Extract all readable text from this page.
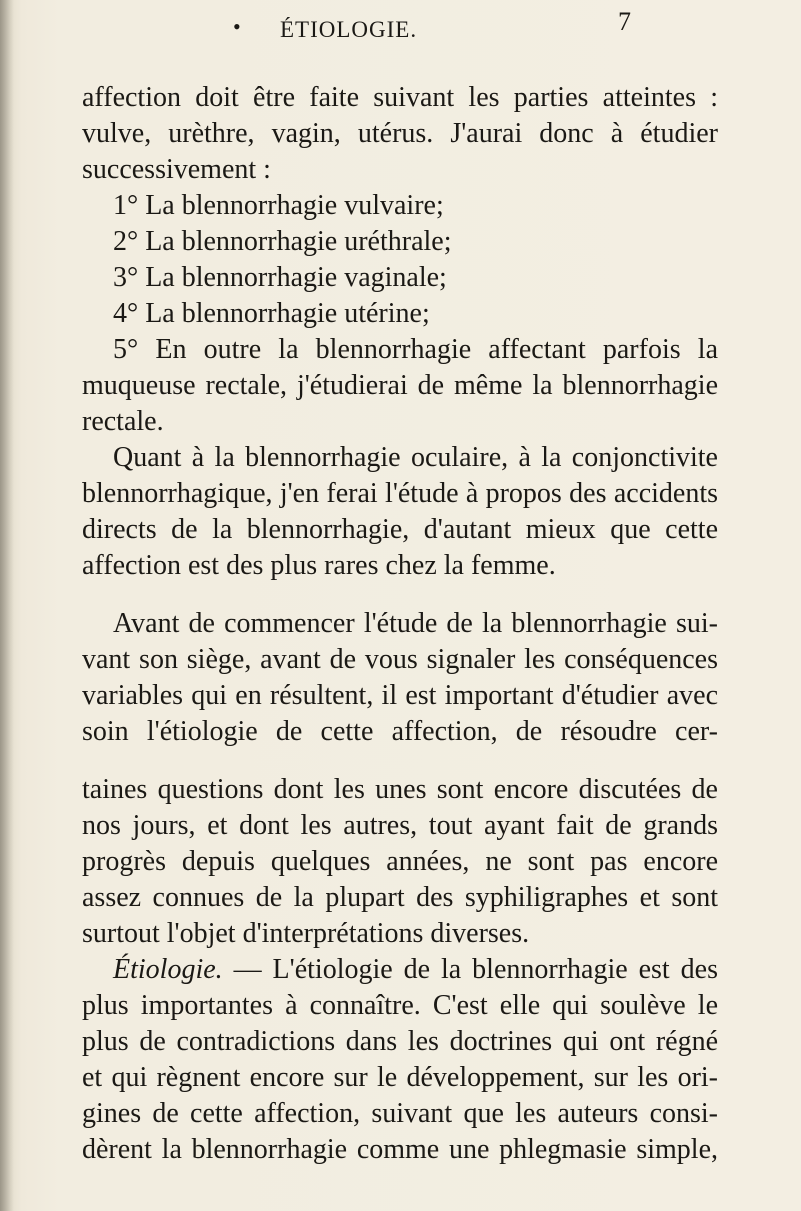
• ÉTIOLOGIE.	7
affection doit être faite suivant les parties atteintes :
vulve, urèthre, vagin, utérus. J'aurai donc à étudier
successivement :
1° La blennorrhagie vulvaire;
2° La blennorrhagie uréthrale;
3° La blennorrhagie vaginale;
4° La blennorrhagie utérine;
5° En outre la blennorrhagie affectant parfois la
muqueuse rectale, j'étudierai de même la blennorrhagie
rectale.
Quant à la blennorrhagie oculaire, à la conjonctivite
blennorrhagique, j'en ferai l'étude à propos des accidents
directs de la blennorrhagie, d'autant mieux que cette
affection est des plus rares chez la femme.
Avant de commencer l'étude de la blennorrhagie sui-
vant son siège, avant de vous signaler les conséquences
variables qui en résultent, il est important d'étudier avec
soin l'étiologie de cette affection, de résoudre cer-
taines questions dont les unes sont encore discutées de
nos jours, et dont les autres, tout ayant fait de grands
progrès depuis quelques années, ne sont pas encore
assez connues de la plupart des syphiligraphes et sont
surtout l'objet d'interprétations diverses.
Étiologie. — L'étiologie de la blennorrhagie est des
plus importantes à connaître. C'est elle qui soulève le
plus de contradictions dans les doctrines qui ont régné
et qui règnent encore sur le développement, sur les ori-
gines de cette affection, suivant que les auteurs consi-
dèrent la blennorrhagie comme une phlegmasie simple,
